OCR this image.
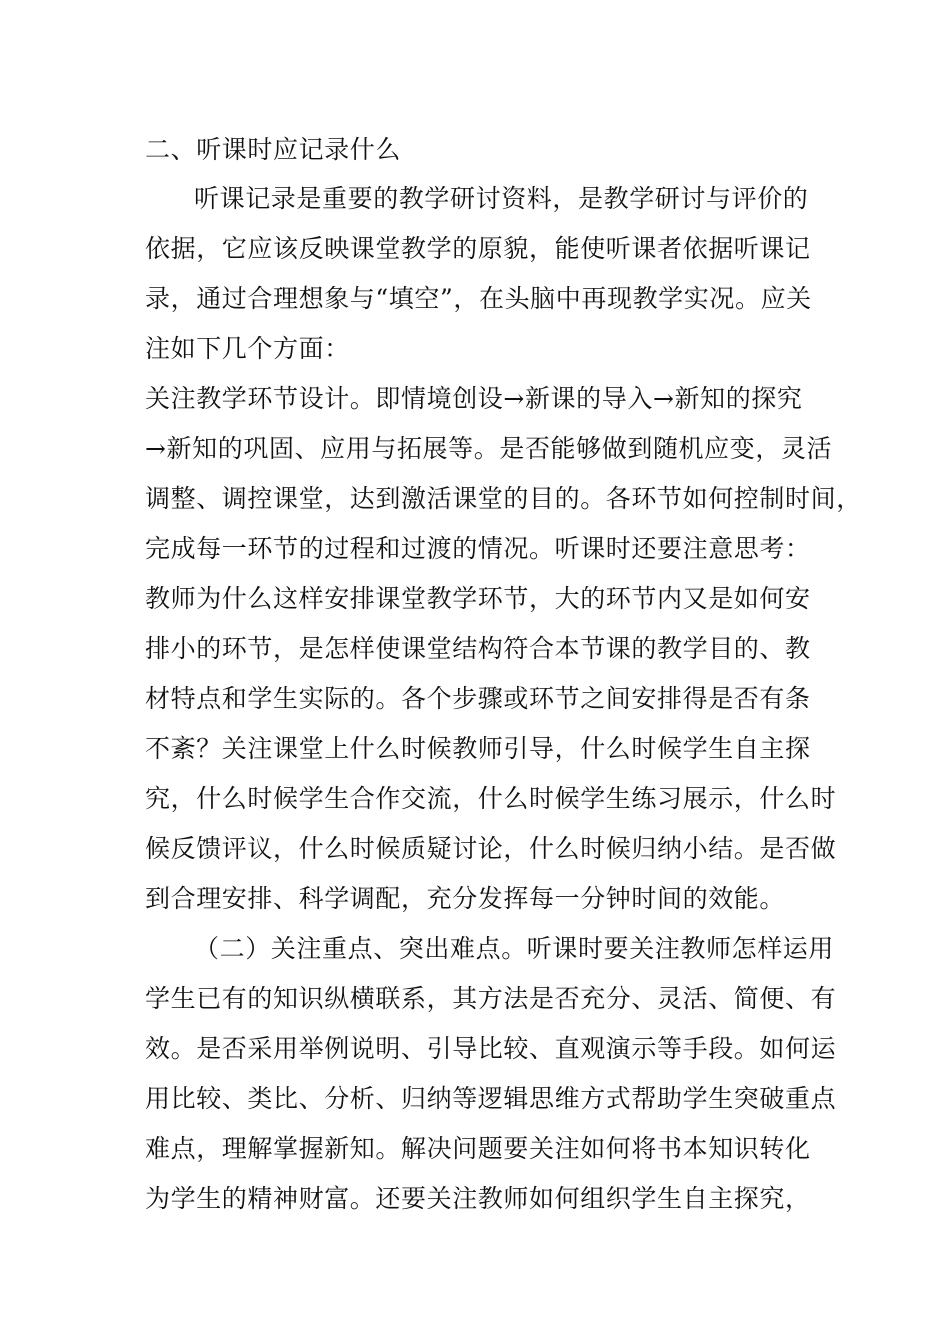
二、听课时应记录什么
听课记录是重要的教学研讨资料，是教学研讨与评价的
依据，它应该反映课堂教学的原貌，能使听课者依据听课记
录，通过合理想象与“填空”，在头脑中再现教学实况。应关
注如下几个方面：
关注教学环节设计。即情境创设→新课的导入→新知的探究
→新知的巩固、应用与拓展等。是否能够做到随机应变，灵活
调整、调控课堂，达到激活课堂的目的。各环节如何控制时间，
完成每一环节的过程和过渡的情况。听课时还要注意思考：
教师为什么这样安排课堂教学环节，大的环节内又是如何安
排小的环节，是怎样使课堂结构符合本节课的教学目的、教
材特点和学生实际的。各个步骤或环节之间安排得是否有条
不紊？关注课堂上什么时候教师引导，什么时候学生自主探
究，什么时候学生合作交流，什么时候学生练习展示，什么时
候反馈评议，什么时候质疑讨论，什么时候归纳小结。是否做
到合理安排、科学调配，充分发挥每一分钟时间的效能。
（二）关注重点、突出难点。听课时要关注教师怎样运用
学生已有的知识纵横联系，其方法是否充分、灵活、简便、有
效。是否采用举例说明、引导比较、直观演示等手段。如何运
用比较、类比、分析、归纳等逻辑思维方式帮助学生突破重点
难点，理解掌握新知。解决问题要关注如何将书本知识转化
为学生的精神财富。还要关注教师如何组织学生自主探究，
